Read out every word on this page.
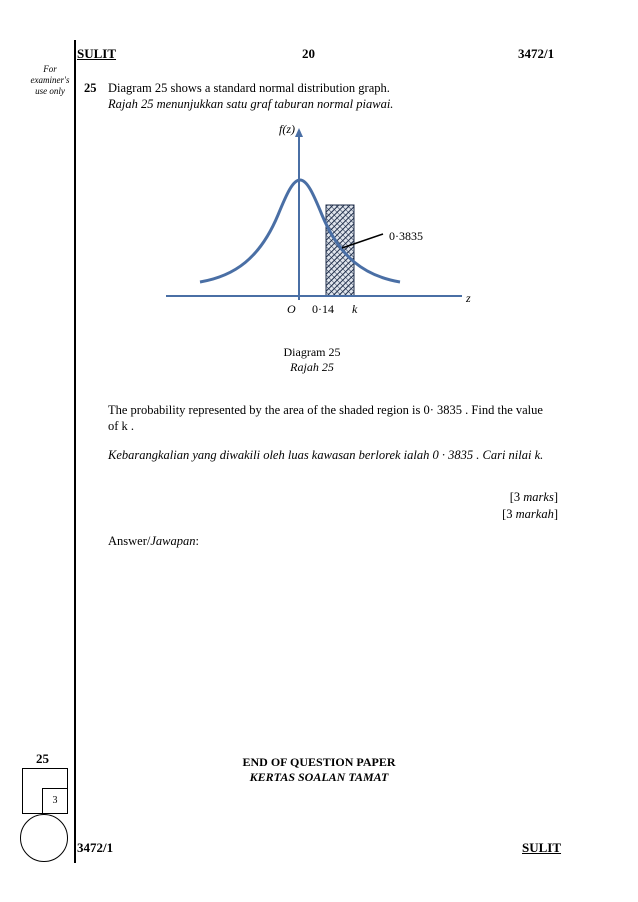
SULIT	20	3472/1
For
examiner's
use only	25 Diagram 25 shows a standard normal distribution graph.
Rajah 25 menunjukkan satu graf taburan normal piawai.
f(z)
z
O 0·14 k
0·3835
Diagram 25
Rajah 25
The probability represented by the area of the shaded region is 0· 3835 . Find the value
of k .
Kebarangkalian yang diwakili oleh luas kawasan berlorek ialah 0 · 3835 . Cari nilai k.
[3 marks]
[3 markah]
Answer/Jawapan:
END OF QUESTION PAPER
KERTAS SOALAN TAMAT
25
3
3472/1	SULIT
